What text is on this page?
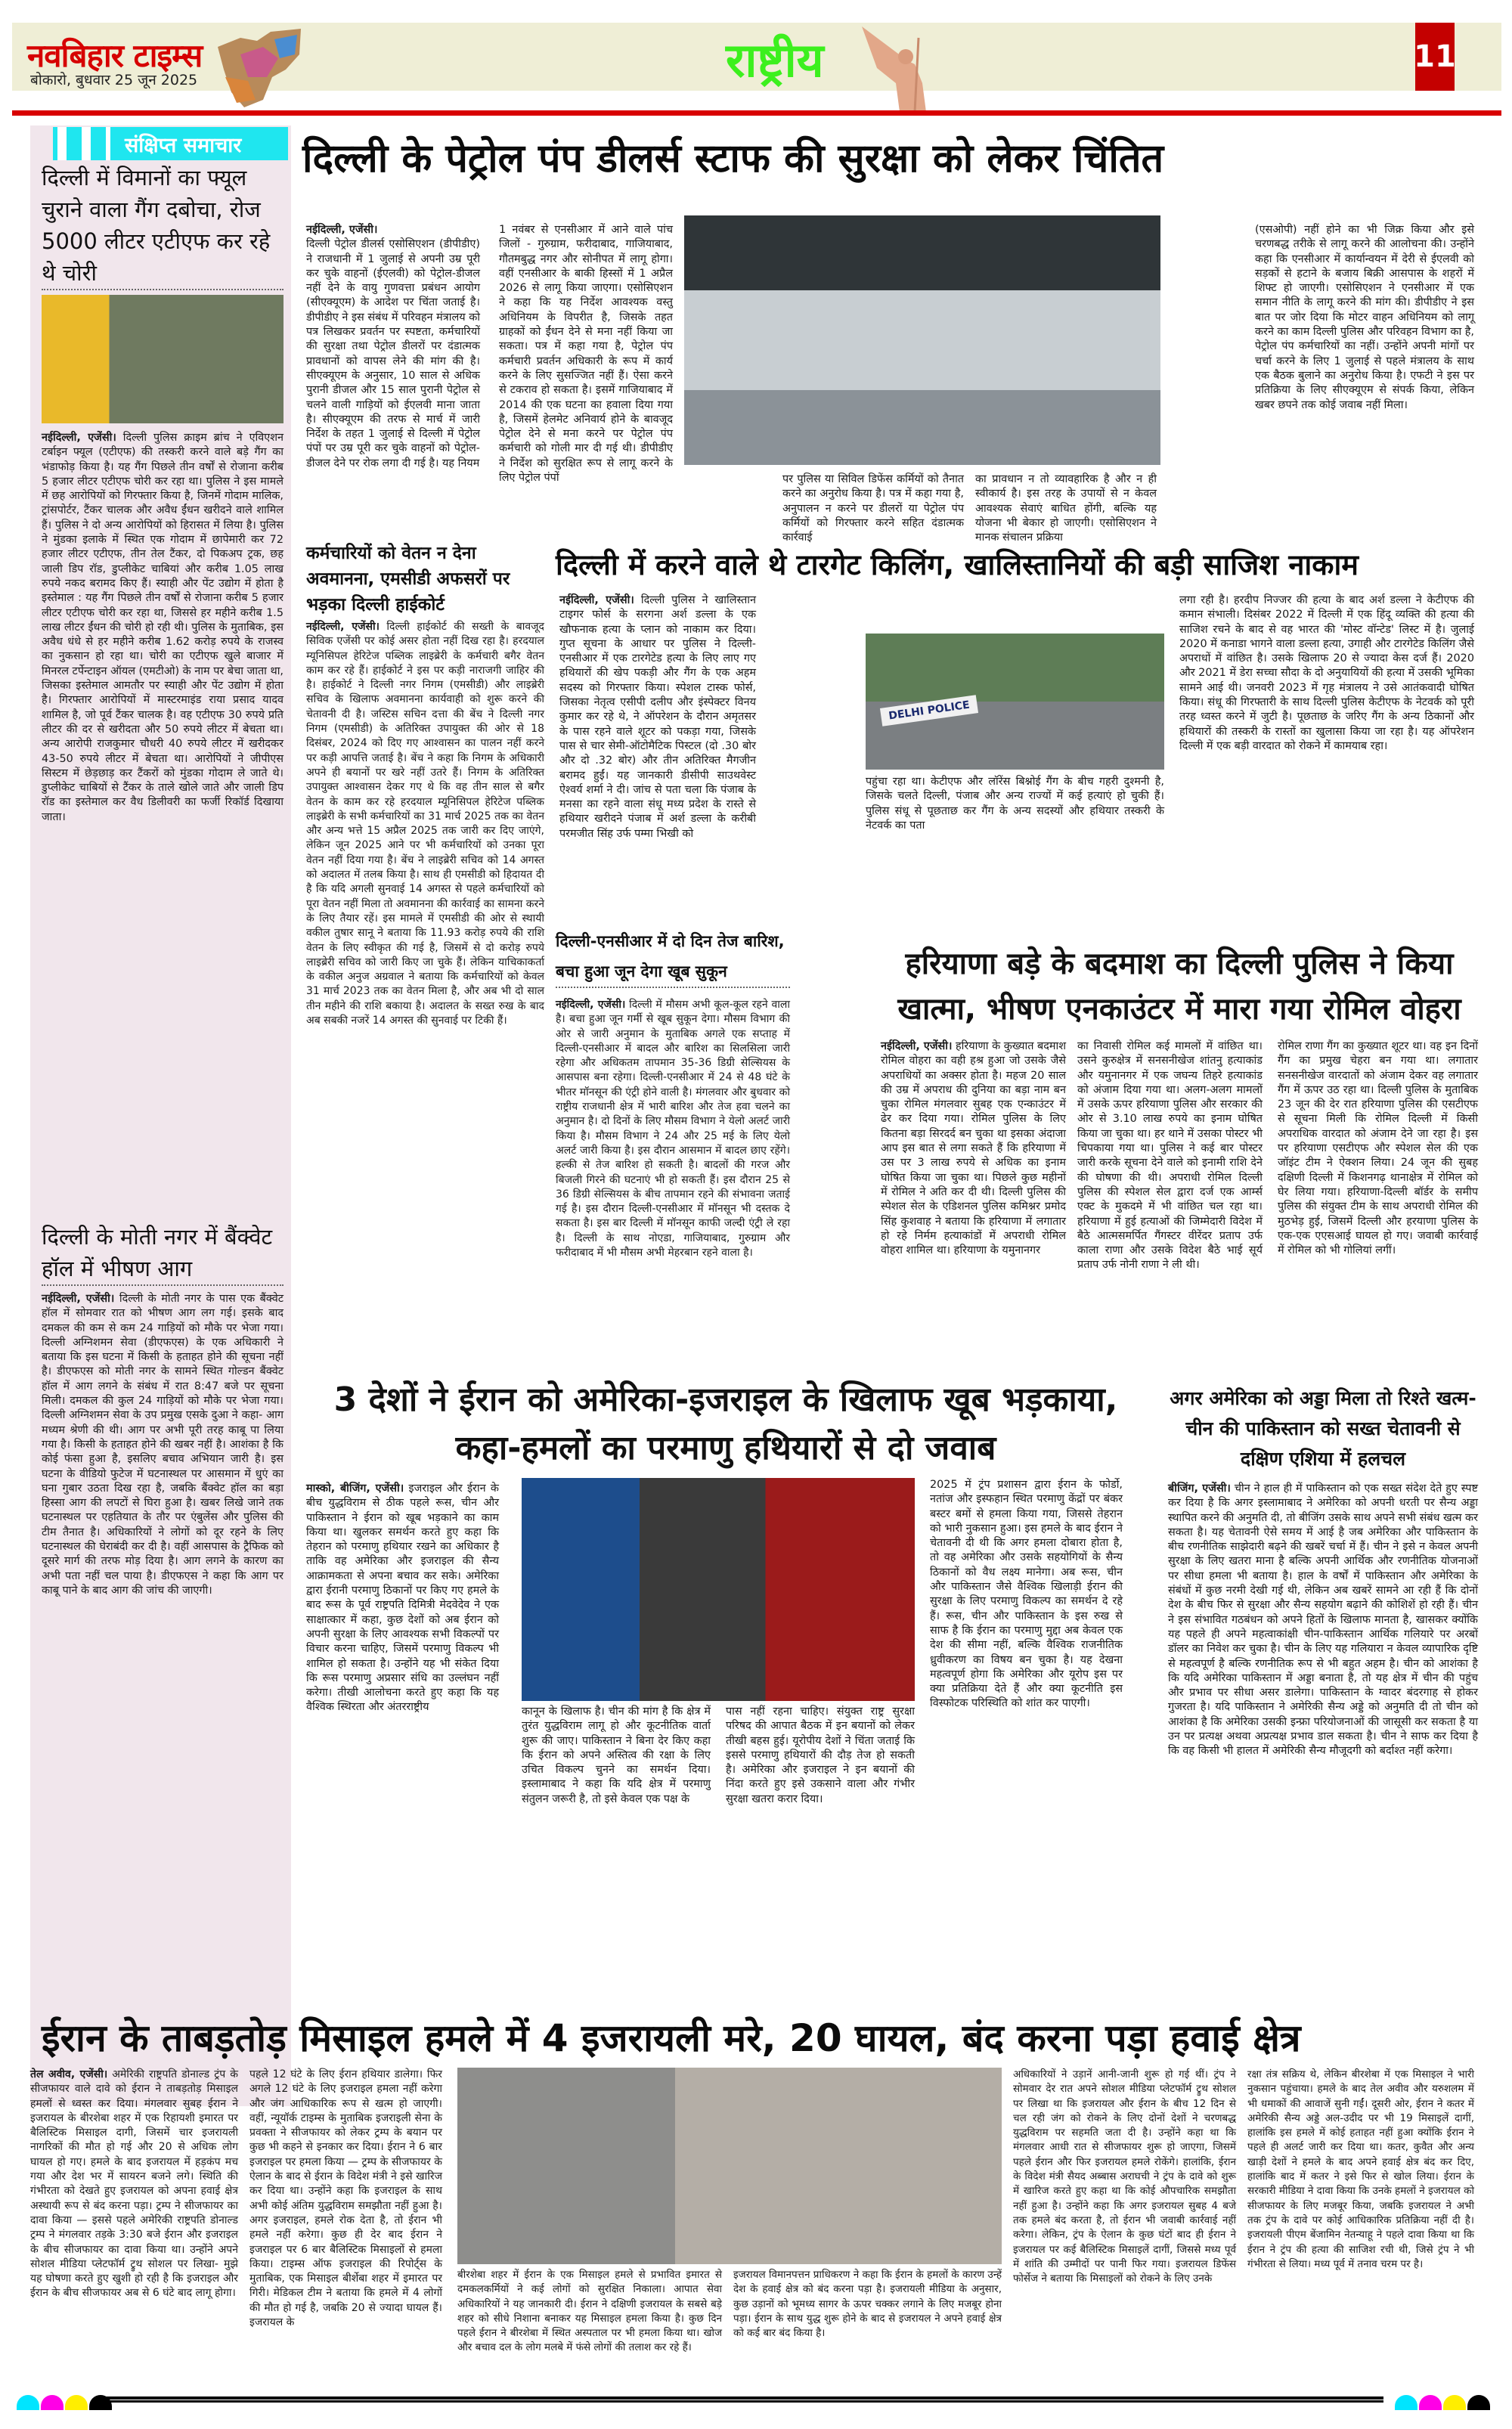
नवबिहार टाइम्स
बोकारो, बुधवार 25 जून 2025	राष्ट्रीय	11
संक्षिप्त समाचार
दिल्ली में विमानों का फ्यूल चुराने वाला गैंग दबोचा, रोज 5000 लीटर एटीएफ कर रहे थे चोरी
नईदिल्ली, एजेंसी। दिल्ली पुलिस क्राइम ब्रांच ने एविएशन टर्बाइन फ्यूल (एटीएफ) की तस्करी करने वाले बड़े गैंग का भंडाफोड़ किया है। यह गैंग पिछले तीन वर्षों से रोजाना करीब 5 हजार लीटर एटीएफ चोरी कर रहा था। पुलिस ने इस मामले में छह आरोपियों को गिरफ्तार किया है, जिनमें गोदाम मालिक, ट्रांसपोर्टर, टैंकर चालक और अवैध ईंधन खरीदने वाले शामिल हैं। पुलिस ने दो अन्य आरोपियों को हिरासत में लिया है। पुलिस ने मुंडका इलाके में स्थित एक गोदाम में छापेमारी कर 72 हजार लीटर एटीएफ, तीन तेल टैंकर, दो पिकअप ट्रक, छह जाली डिप रॉड, डुप्लीकेट चाबियां और करीब 1.05 लाख रुपये नकद बरामद किए हैं। स्याही और पेंट उद्योग में होता है इस्तेमाल : यह गैंग पिछले तीन वर्षों से रोजाना करीब 5 हजार लीटर एटीएफ चोरी कर रहा था, जिससे हर महीने करीब 1.5 लाख लीटर ईंधन की चोरी हो रही थी। पुलिस के मुताबिक, इस अवैध धंधे से हर महीने करीब 1.62 करोड़ रुपये के राजस्व का नुकसान हो रहा था। चोरी का एटीएफ खुले बाजार में मिनरल टर्पेन्टाइन ऑयल (एमटीओ) के नाम पर बेचा जाता था, जिसका इस्तेमाल आमतौर पर स्याही और पेंट उद्योग में होता है। गिरफ्तार आरोपियों में मास्टरमाइंड राया प्रसाद यादव शामिल है, जो पूर्व टैंकर चालक है। वह एटीएफ 30 रुपये प्रति लीटर की दर से खरीदता और 50 रुपये लीटर में बेचता था। अन्य आरोपी राजकुमार चौधरी 40 रुपये लीटर में खरीदकर 43-50 रुपये लीटर में बेचता था। आरोपियों ने जीपीएस सिस्टम में छेड़छाड़ कर टैंकरों को मुंडका गोदाम ले जाते थे। डुप्लीकेट चाबियों से टैंकर के ताले खोले जाते और जाली डिप रॉड का इस्तेमाल कर वैध डिलीवरी का फर्जी रिकॉर्ड दिखाया जाता।
दिल्ली के मोती नगर में बैंक्वेट हॉल में भीषण आग
नईदिल्ली, एजेंसी। दिल्ली के मोती नगर के पास एक बैंक्वेट हॉल में सोमवार रात को भीषण आग लग गई। इसके बाद दमकल की कम से कम 24 गाड़ियों को मौके पर भेजा गया। दिल्ली अग्निशमन सेवा (डीएफएस) के एक अधिकारी ने बताया कि इस घटना में किसी के हताहत होने की सूचना नहीं है। डीएफएस को मोती नगर के सामने स्थित गोल्डन बैंक्वेट हॉल में आग लगने के संबंध में रात 8:47 बजे पर सूचना मिली। दमकल की कुल 24 गाड़ियों को मौके पर भेजा गया। दिल्ली अग्निशमन सेवा के उप प्रमुख एसके दुआ ने कहा- आग मध्यम श्रेणी की थी। आग पर अभी पूरी तरह काबू पा लिया गया है। किसी के हताहत होने की खबर नहीं है। आशंका है कि कोई फंसा हुआ है, इसलिए बचाव अभियान जारी है। इस घटना के वीडियो फुटेज में घटनास्थल पर आसमान में धुएं का घना गुबार उठता दिख रहा है, जबकि बैंक्वेट हॉल का बड़ा हिस्सा आग की लपटों से घिरा हुआ है। खबर लिखे जाने तक घटनास्थल पर एहतियात के तौर पर एंबुलेंस और पुलिस की टीम तैनात है। अधिकारियों ने लोगों को दूर रहने के लिए घटनास्थल की घेराबंदी कर दी है। वहीं आसपास के ट्रैफिक को दूसरे मार्ग की तरफ मोड़ दिया है। आग लगने के कारण का अभी पता नहीं चल पाया है। डीएफएस ने कहा कि आग पर काबू पाने के बाद आग की जांच की जाएगी।
दिल्ली के पेट्रोल पंप डीलर्स स्टाफ की सुरक्षा को लेकर चिंतित
नईदिल्ली, एजेंसी।
दिल्ली पेट्रोल डीलर्स एसोसिएशन (डीपीडीए) ने राजधानी में 1 जुलाई से अपनी उम्र पूरी कर चुके वाहनों (ईएलवी) को पेट्रोल-डीजल नहीं देने के वायु गुणवत्ता प्रबंधन आयोग (सीएक्यूएम) के आदेश पर चिंता जताई है। डीपीडीए ने इस संबंध में परिवहन मंत्रालय को पत्र लिखकर प्रवर्तन पर स्पष्टता, कर्मचारियों की सुरक्षा तथा पेट्रोल डीलरों पर दंडात्मक प्रावधानों को वापस लेने की मांग की है। सीएक्यूएम के अनुसार, 10 साल से अधिक पुरानी डीजल और 15 साल पुरानी पेट्रोल से चलने वाली गाड़ियों को ईएलवी माना जाता है। सीएक्यूएम की तरफ से मार्च में जारी निर्देश के तहत 1 जुलाई से दिल्ली में पेट्रोल पंपों पर उम्र पूरी कर चुके वाहनों को पेट्रोल-डीजल देने पर रोक लगा दी गई है। यह नियम
1 नवंबर से एनसीआर में आने वाले पांच जिलों - गुरुग्राम, फरीदाबाद, गाजियाबाद, गौतमबुद्ध नगर और सोनीपत में लागू होगा। वहीं एनसीआर के बाकी हिस्सों में 1 अप्रैल 2026 से लागू किया जाएगा। एसोसिएशन ने कहा कि यह निर्देश आवश्यक वस्तु अधिनियम के विपरीत है, जिसके तहत ग्राहकों को ईंधन देने से मना नहीं किया जा सकता। पत्र में कहा गया है, पेट्रोल पंप कर्मचारी प्रवर्तन अधिकारी के रूप में कार्य करने के लिए सुसज्जित नहीं हैं। ऐसा करने से टकराव हो सकता है। इसमें गाजियाबाद में 2014 की एक घटना का हवाला दिया गया है, जिसमें हेलमेट अनिवार्य होने के बावजूद पेट्रोल देने से मना करने पर पेट्रोल पंप कर्मचारी को गोली मार दी गई थी। डीपीडीए ने निर्देश को सुरक्षित रूप से लागू करने के लिए पेट्रोल पंपों	पर पुलिस या सिविल डिफेंस कर्मियों को तैनात करने का अनुरोध किया है। पत्र में कहा गया है, अनुपालन न करने पर डीलरों या पेट्रोल पंप कर्मियों को गिरफ्तार करने सहित दंडात्मक कार्रवाई
का प्रावधान न तो व्यावहारिक है और न ही स्वीकार्य है। इस तरह के उपायों से न केवल आवश्यक सेवाएं बाधित होंगी, बल्कि यह योजना भी बेकार हो जाएगी। एसोसिएशन ने मानक संचालन प्रक्रिया
(एसओपी) नहीं होने का भी जिक्र किया और इसे चरणबद्ध तरीके से लागू करने की आलोचना की। उन्होंने कहा कि एनसीआर में कार्यान्वयन में देरी से ईएलवी को सड़कों से हटाने के बजाय बिक्री आसपास के शहरों में शिफ्ट हो जाएगी। एसोसिएशन ने एनसीआर में एक समान नीति के लागू करने की मांग की। डीपीडीए ने इस बात पर जोर दिया कि मोटर वाहन अधिनियम को लागू करने का काम दिल्ली पुलिस और परिवहन विभाग का है, पेट्रोल पंप कर्मचारियों का नहीं। उन्होंने अपनी मांगों पर चर्चा करने के लिए 1 जुलाई से पहले मंत्रालय के साथ एक बैठक बुलाने का अनुरोध किया है। एफटी ने इस पर प्रतिक्रिया के लिए सीएक्यूएम से संपर्क किया, लेकिन खबर छपने तक कोई जवाब नहीं मिला।
कर्मचारियों को वेतन न देना अवमानना, एमसीडी अफसरों पर भड़का दिल्ली हाईकोर्ट
नईदिल्ली, एजेंसी। दिल्ली हाईकोर्ट की सख्ती के बावजूद सिविक एजेंसी पर कोई असर होता नहीं दिख रहा है। हरदयाल म्यूनिसिपल हेरिटेज पब्लिक लाइब्रेरी के कर्मचारी बगैर वेतन काम कर रहे हैं। हाईकोर्ट ने इस पर कड़ी नाराजगी जाहिर की है। हाईकोर्ट ने दिल्ली नगर निगम (एमसीडी) और लाइब्रेरी सचिव के खिलाफ अवमानना कार्यवाही को शुरू करने की चेतावनी दी है। जस्टिस सचिन दत्ता की बेंच ने दिल्ली नगर निगम (एमसीडी) के अतिरिक्त उपायुक्त की ओर से 18 दिसंबर, 2024 को दिए गए आश्वासन का पालन नहीं करने पर कड़ी आपत्ति जताई है। बेंच ने कहा कि निगम के अधिकारी अपने ही बयानों पर खरे नहीं उतरे हैं। निगम के अतिरिक्त उपायुक्त आश्वासन देकर गए थे कि वह तीन साल से बगैर वेतन के काम कर रहे हरदयाल म्यूनिसिपल हेरिटेज पब्लिक लाइब्रेरी के सभी कर्मचारियों का 31 मार्च 2025 तक का वेतन और अन्य भत्ते 15 अप्रैल 2025 तक जारी कर दिए जाएंगे, लेकिन जून 2025 आने पर भी कर्मचारियों को उनका पूरा वेतन नहीं दिया गया है। बेंच ने लाइब्रेरी सचिव को 14 अगस्त को अदालत में तलब किया है। साथ ही एमसीडी को हिदायत दी है कि यदि अगली सुनवाई 14 अगस्त से पहले कर्मचारियों को पूरा वेतन नहीं मिला तो अवमानना की कार्रवाई का सामना करने के लिए तैयार रहें। इस मामले में एमसीडी की ओर से स्थायी वकील तुषार सानू ने बताया कि 11.93 करोड़ रुपये की राशि वेतन के लिए स्वीकृत की गई है, जिसमें से दो करोड़ रुपये लाइब्रेरी सचिव को जारी किए जा चुके हैं। लेकिन याचिकाकर्ता के वकील अनुज अग्रवाल ने बताया कि कर्मचारियों को केवल 31 मार्च 2023 तक का वेतन मिला है, और अब भी दो साल तीन महीने की राशि बकाया है। अदालत के सख्त रुख के बाद अब सबकी नजरें 14 अगस्त की सुनवाई पर टिकी हैं।
दिल्ली में करने वाले थे टारगेट किलिंग, खालिस्तानियों की बड़ी साजिश नाकाम
नईदिल्ली, एजेंसी। दिल्ली पुलिस ने खालिस्तान टाइगर फोर्स के सरगना अर्श डल्ला के एक खौफनाक हत्या के प्लान को नाकाम कर दिया। गुप्त सूचना के आधार पर पुलिस ने दिल्ली-एनसीआर में एक टारगेटेड हत्या के लिए लाए गए हथियारों की खेप पकड़ी और गैंग के एक अहम सदस्य को गिरफ्तार किया। स्पेशल टास्क फोर्स, जिसका नेतृत्व एसीपी दलीप और इंस्पेक्टर विनय कुमार कर रहे थे, ने ऑपरेशन के दौरान अमृतसर के पास रहने वाले शूटर को पकड़ा गया, जिसके पास से चार सेमी-ऑटोमैटिक पिस्टल (दो .30 बोर और दो .32 बोर) और तीन अतिरिक्त मैगजीन बरामद हुईं। यह जानकारी डीसीपी साउथवेस्ट ऐश्वर्य शर्मा ने दी। जांच से पता चला कि पंजाब के मनसा का रहने वाला संधू मध्य प्रदेश के रास्ते से हथियार खरीदने पंजाब में अर्श डल्ला के करीबी परमजीत सिंह उर्फ पम्मा भिखी को
DELHI POLICE
पहुंचा रहा था। केटीएफ और लॉरेंस बिश्नोई गैंग के बीच गहरी दुश्मनी है, जिसके चलते दिल्ली, पंजाब और अन्य राज्यों में कई हत्याएं हो चुकी हैं। पुलिस संधू से पूछताछ कर गैंग के अन्य सदस्यों और हथियार तस्करी के नेटवर्क का पता
लगा रही है। हरदीप निज्जर की हत्या के बाद अर्श डल्ला ने केटीएफ की कमान संभाली। दिसंबर 2022 में दिल्ली में एक हिंदू व्यक्ति की हत्या की साजिश रचने के बाद से वह भारत की 'मोस्ट वॉन्टेड' लिस्ट में है। जुलाई 2020 में कनाडा भागने वाला डल्ला हत्या, उगाही और टारगेटेड किलिंग जैसे अपराधों में वांछित है। उसके खिलाफ 20 से ज्यादा केस दर्ज हैं। 2020 और 2021 में डेरा सच्चा सौदा के दो अनुयायियों की हत्या में उसकी भूमिका सामने आई थी। जनवरी 2023 में गृह मंत्रालय ने उसे आतंकवादी घोषित किया। संधू की गिरफ्तारी के साथ दिल्ली पुलिस केटीएफ के नेटवर्क को पूरी तरह ध्वस्त करने में जुटी है। पूछताछ के जरिए गैंग के अन्य ठिकानों और हथियारों की तस्करी के रास्तों का खुलासा किया जा रहा है। यह ऑपरेशन दिल्ली में एक बड़ी वारदात को रोकने में कामयाब रहा।
दिल्ली-एनसीआर में दो दिन तेज बारिश, बचा हुआ जून देगा खूब सुकून
नईदिल्ली, एजेंसी। दिल्ली में मौसम अभी कूल-कूल रहने वाला है। बचा हुआ जून गर्मी से खूब सुकून देगा। मौसम विभाग की ओर से जारी अनुमान के मुताबिक अगले एक सप्ताह में दिल्ली-एनसीआर में बादल और बारिश का सिलसिला जारी रहेगा और अधिकतम तापमान 35-36 डिग्री सेल्सियस के आसपास बना रहेगा। दिल्ली-एनसीआर में 24 से 48 घंटे के भीतर मॉनसून की एंट्री होने वाली है। मंगलवार और बुधवार को राष्ट्रीय राजधानी क्षेत्र में भारी बारिश और तेज हवा चलने का अनुमान है। दो दिनों के लिए मौसम विभाग ने येलो अलर्ट जारी किया है। मौसम विभाग ने 24 और 25 मई के लिए येलो अलर्ट जारी किया है। इस दौरान आसमान में बादल छाए रहेंगे। हल्की से तेज बारिश हो सकती है। बादलों की गरज और बिजली गिरने की घटनाएं भी हो सकती हैं। इस दौरान 25 से 36 डिग्री सेल्सियस के बीच तापमान रहने की संभावना जताई गई है। इस दौरान दिल्ली-एनसीआर में मॉनसून भी दस्तक दे सकता है। इस बार दिल्ली में मॉनसून काफी जल्दी एंट्री ले रहा है। दिल्ली के साथ नोएडा, गाजियाबाद, गुरुग्राम और फरीदाबाद में भी मौसम अभी मेहरबान रहने वाला है।
हरियाणा बड़े के बदमाश का दिल्ली पुलिस ने किया खात्मा, भीषण एनकाउंटर में मारा गया रोमिल वोहरा
नईदिल्ली, एजेंसी। हरियाणा के कुख्यात बदमाश रोमिल वोहरा का वही हश्र हुआ जो उसके जैसे अपराधियों का अक्सर होता है। महज 20 साल की उम्र में अपराध की दुनिया का बड़ा नाम बन चुका रोमिल मंगलवार सुबह एक एन्काउंटर में ढेर कर दिया गया। रोमिल पुलिस के लिए कितना बड़ा सिरदर्द बन चुका था इसका अंदाजा आप इस बात से लगा सकते हैं कि हरियाणा में उस पर 3 लाख रुपये से अधिक का इनाम घोषित किया जा चुका था। पिछले कुछ महीनों में रोमिल ने अति कर दी थी। दिल्ली पुलिस की स्पेशल सेल के एडिशनल पुलिस कमिश्नर प्रमोद सिंह कुशवाह ने बताया कि हरियाणा में लगातार हो रहे निर्मम हत्याकांडों में अपराधी रोमिल वोहरा शामिल था। हरियाणा के यमुनानगर
का निवासी रोमिल कई मामलों में वांछित था। उसने कुरुक्षेत्र में सनसनीखेज शांतनु हत्याकांड और यमुनानगर में एक जघन्य तिहरे हत्याकांड को अंजाम दिया गया था। अलग-अलग मामलों में उसके ऊपर हरियाणा पुलिस और सरकार की ओर से 3.10 लाख रुपये का इनाम घोषित किया जा चुका था। हर थाने में उसका पोस्टर भी चिपकाया गया था। पुलिस ने कई बार पोस्टर जारी करके सूचना देने वाले को इनामी राशि देने की घोषणा की थी। अपराधी रोमिल दिल्ली पुलिस की स्पेशल सेल द्वारा दर्ज एक आर्म्स एक्ट के मुकदमे में भी वांछित चल रहा था। हरियाणा में हुई हत्याओं की जिम्मेदारी विदेश में बैठे आत्मसमर्पित गैंगस्टर वीरेंदर प्रताप उर्फ काला राणा और उसके विदेश बैठे भाई सूर्य प्रताप उर्फ नोनी राणा ने ली थी।
रोमिल राणा गैंग का कुख्यात शूटर था। वह इन दिनों गैंग का प्रमुख चेहरा बन गया था। लगातार सनसनीखेज वारदातों को अंजाम देकर वह लगातार गैंग में ऊपर उठ रहा था। दिल्ली पुलिस के मुताबिक 23 जून की देर रात हरियाणा पुलिस की एसटीएफ से सूचना मिली कि रोमिल दिल्ली में किसी अपराधिक वारदात को अंजाम देने जा रहा है। इस पर हरियाणा एसटीएफ और स्पेशल सेल की एक जॉइंट टीम ने ऐक्शन लिया। 24 जून की सुबह दक्षिणी दिल्ली में किशनगढ़ थानाक्षेत्र में रोमिल को घेर लिया गया। हरियाणा-दिल्ली बॉर्डर के समीप पुलिस की संयुक्त टीम के साथ अपराधी रोमिल की मुठभेड़ हुई, जिसमें दिल्ली और हरयाणा पुलिस के एक-एक एएसआई घायल हो गए। जवाबी कार्रवाई में रोमिल को भी गोलियां लगीं।
3 देशों ने ईरान को अमेरिका-इजराइल के खिलाफ खूब भड़काया, कहा-हमलों का परमाणु हथियारों से दो जवाब
मास्को, बीजिंग, एजेंसी। इजराइल और ईरान के बीच युद्धविराम से ठीक पहले रूस, चीन और पाकिस्तान ने ईरान को खूब भड़काने का काम किया था। खुलकर समर्थन करते हुए कहा कि तेहरान को परमाणु हथियार रखने का अधिकार है ताकि वह अमेरिका और इजराइल की सैन्य आक्रामकता से अपना बचाव कर सके। अमेरिका द्वारा ईरानी परमाणु ठिकानों पर किए गए हमले के बाद रूस के पूर्व राष्ट्रपति दिमित्री मेदवेदेव ने एक साक्षात्कार में कहा, कुछ देशों को अब ईरान को अपनी सुरक्षा के लिए आवश्यक सभी विकल्पों पर विचार करना चाहिए, जिसमें परमाणु विकल्प भी शामिल हो सकता है। उन्होंने यह भी संकेत दिया कि रूस परमाणु अप्रसार संधि का उल्लंघन नहीं करेगा। तीखी आलोचना करते हुए कहा कि यह वैश्विक स्थिरता और अंतरराष्ट्रीय	कानून के खिलाफ है। चीन की मांग है कि क्षेत्र में तुरंत युद्धविराम लागू हो और कूटनीतिक वार्ता शुरू की जाए। पाकिस्तान ने बिना देर किए कहा कि ईरान को अपने अस्तित्व की रक्षा के लिए उचित विकल्प चुनने का समर्थन दिया। इस्लामाबाद ने कहा कि यदि क्षेत्र में परमाणु संतुलन जरूरी है, तो इसे केवल एक पक्ष के
पास नहीं रहना चाहिए। संयुक्त राष्ट्र सुरक्षा परिषद की आपात बैठक में इन बयानों को लेकर तीखी बहस हुई। यूरोपीय देशों ने चिंता जताई कि इससे परमाणु हथियारों की दौड़ तेज हो सकती है। अमेरिका और इजराइल ने इन बयानों की निंदा करते हुए इसे उकसाने वाला और गंभीर सुरक्षा खतरा करार दिया।
2025 में ट्रंप प्रशासन द्वारा ईरान के फोर्डो, नतांज और इस्फहान स्थित परमाणु केंद्रों पर बंकर बस्टर बमों से हमला किया गया, जिससे तेहरान को भारी नुकसान हुआ। इस हमले के बाद ईरान ने चेतावनी दी थी कि अगर हमला दोबारा होता है, तो वह अमेरिका और उसके सहयोगियों के सैन्य ठिकानों को वैध लक्ष्य मानेगा। अब रूस, चीन और पाकिस्तान जैसे वैश्विक खिलाड़ी ईरान की सुरक्षा के लिए परमाणु विकल्प का समर्थन दे रहे हैं। रूस, चीन और पाकिस्तान के इस रुख से साफ है कि ईरान का परमाणु मुद्दा अब केवल एक देश की सीमा नहीं, बल्कि वैश्विक राजनीतिक ध्रुवीकरण का विषय बन चुका है। यह देखना महत्वपूर्ण होगा कि अमेरिका और यूरोप इस पर क्या प्रतिक्रिया देते हैं और क्या कूटनीति इस विस्फोटक परिस्थिति को शांत कर पाएगी।
अगर अमेरिका को अड्डा मिला तो रिश्ते खत्म- चीन की पाकिस्तान को सख्त चेतावनी से दक्षिण एशिया में हलचल
बीजिंग, एजेंसी। चीन ने हाल ही में पाकिस्तान को एक सख्त संदेश देते हुए स्पष्ट कर दिया है कि अगर इस्लामाबाद ने अमेरिका को अपनी धरती पर सैन्य अड्डा स्थापित करने की अनुमति दी, तो बीजिंग उसके साथ अपने सभी संबंध खत्म कर सकता है। यह चेतावनी ऐसे समय में आई है जब अमेरिका और पाकिस्तान के बीच रणनीतिक साझेदारी बढ़ने की खबरें चर्चा में हैं। चीन ने इसे न केवल अपनी सुरक्षा के लिए खतरा माना है बल्कि अपनी आर्थिक और रणनीतिक योजनाओं पर सीधा हमला भी बताया है। हाल के वर्षों में पाकिस्तान और अमेरिका के संबंधों में कुछ नरमी देखी गई थी, लेकिन अब खबरें सामने आ रही हैं कि दोनों देश के बीच फिर से सुरक्षा और सैन्य सहयोग बढ़ाने की कोशिशें हो रही हैं। चीन ने इस संभावित गठबंधन को अपने हितों के खिलाफ मानता है, खासकर क्योंकि यह पहले ही अपने महत्वाकांक्षी चीन-पाकिस्तान आर्थिक गलियारे पर अरबों डॉलर का निवेश कर चुका है। चीन के लिए यह गलियारा न केवल व्यापारिक दृष्टि से महत्वपूर्ण है बल्कि रणनीतिक रूप से भी बहुत अहम है। चीन को आशंका है कि यदि अमेरिका पाकिस्तान में अड्डा बनाता है, तो यह क्षेत्र में चीन की पहुंच और प्रभाव पर सीधा असर डालेगा। पाकिस्तान के ग्वादर बंदरगाह से होकर गुजरता है। यदि पाकिस्तान ने अमेरिकी सैन्य अड्डे को अनुमति दी तो चीन को आशंका है कि अमेरिका उसकी इन्फ्रा परियोजनाओं की जासूसी कर सकता है या उन पर प्रत्यक्ष अथवा अप्रत्यक्ष प्रभाव डाल सकता है। चीन ने साफ कर दिया है कि वह किसी भी हालत में अमेरिकी सैन्य मौजूदगी को बर्दाश्त नहीं करेगा।
ईरान के ताबड़तोड़ मिसाइल हमले में 4 इजरायली मरे, 20 घायल, बंद करना पड़ा हवाई क्षेत्र
तेल अवीव, एजेंसी। अमेरिकी राष्ट्रपति डोनाल्ड ट्रंप के सीजफायर वाले दावे को ईरान ने ताबड़तोड़ मिसाइल हमलों से ध्वस्त कर दिया। मंगलवार सुबह ईरान ने इजरायल के बीरशेबा शहर में एक रिहायशी इमारत पर बैलिस्टिक मिसाइल दागी, जिसमें चार इजरायली नागरिकों की मौत हो गई और 20 से अधिक लोग घायल हो गए। हमले के बाद इजरायल में हड़कंप मच गया और देश भर में सायरन बजने लगे। स्थिति की गंभीरता को देखते हुए इजरायल को अपना हवाई क्षेत्र अस्थायी रूप से बंद करना पड़ा। ट्रम्प ने सीजफायर का दावा किया — इससे पहले अमेरिकी राष्ट्रपति डोनाल्ड ट्रम्प ने मंगलवार तड़के 3:30 बजे ईरान और इजराइल के बीच सीजफायर का दावा किया था। उन्होंने अपने सोशल मीडिया प्लेटफॉर्म ट्रुथ सोशल पर लिखा- मुझे यह घोषणा करते हुए खुशी हो रही है कि इजराइल और ईरान के बीच सीजफायर अब से 6 घंटे बाद लागू होगा।
पहले 12 घंटे के लिए ईरान हथियार डालेगा। फिर अगले 12 घंटे के लिए इजराइल हमला नहीं करेगा और जंग आधिकारिक रूप से खत्म हो जाएगी। वहीं, न्यूयॉर्क टाइम्स के मुताबिक इजराइली सेना के प्रवक्ता ने सीजफायर को लेकर ट्रम्प के बयान पर कुछ भी कहने से इनकार कर दिया। ईरान ने 6 बार इजराइल पर हमला किया — ट्रम्प के सीजफायर के ऐलान के बाद से ईरान के विदेश मंत्री ने इसे खारिज कर दिया था। उन्होंने कहा कि इजराइल के साथ अभी कोई अंतिम युद्धविराम समझौता नहीं हुआ है। अगर इजराइल, हमले रोक देता है, तो ईरान भी हमले नहीं करेगा। कुछ ही देर बाद ईरान ने इजराइल पर 6 बार बैलिस्टिक मिसाइलों से हमला किया। टाइम्स ऑफ इजराइल की रिपोर्ट्स के मुताबिक, एक मिसाइल बीर्शेबा शहर में इमारत पर गिरी। मेडिकल टीम ने बताया कि हमले में 4 लोगों की मौत हो गई है, जबकि 20 से ज्यादा घायल हैं। इजरायल के
बीरशेबा शहर में ईरान के एक मिसाइल हमले से प्रभावित इमारत से दमकलकर्मियों ने कई लोगों को सुरक्षित निकाला। आपात सेवा अधिकारियों ने यह जानकारी दी। ईरान ने दक्षिणी इजरायल के सबसे बड़े शहर को सीधे निशाना बनाकर यह मिसाइल हमला किया है। कुछ दिन पहले ईरान ने बीरशेबा में स्थित अस्पताल पर भी हमला किया था। खोज और बचाव दल के लोग मलबे में फंसे लोगों की तलाश कर रहे हैं।
इजरायल विमानपत्तन प्राधिकरण ने कहा कि ईरान के हमलों के कारण उन्हें देश के हवाई क्षेत्र को बंद करना पड़ा है। इजरायली मीडिया के अनुसार, कुछ उड़ानों को भूमध्य सागर के ऊपर चक्कर लगाने के लिए मजबूर होना पड़ा। ईरान के साथ युद्ध शुरू होने के बाद से इजरायल ने अपने हवाई क्षेत्र को कई बार बंद किया है।
अधिकारियों ने उड़ानें आनी-जानी शुरू हो गई थीं। ट्रंप ने सोमवार देर रात अपने सोशल मीडिया प्लेटफॉर्म ट्रुथ सोशल पर लिखा था कि इजरायल और ईरान के बीच 12 दिन से चल रही जंग को रोकने के लिए दोनों देशों ने चरणबद्ध युद्धविराम पर सहमति जता दी है। उन्होंने कहा था कि मंगलवार आधी रात से सीजफायर शुरू हो जाएगा, जिसमें पहले ईरान और फिर इजरायल हमले रोकेंगे। हालांकि, ईरान के विदेश मंत्री सैयद अब्बास अराघची ने ट्रंप के दावे को शुरू में खारिज करते हुए कहा था कि कोई औपचारिक समझौता नहीं हुआ है। उन्होंने कहा कि अगर इजरायल सुबह 4 बजे तक हमले बंद करता है, तो ईरान भी जवाबी कार्रवाई नहीं करेगा। लेकिन, ट्रंप के ऐलान के कुछ घंटों बाद ही ईरान ने इजरायल पर कई बैलिस्टिक मिसाइलें दागीं, जिससे मध्य पूर्व में शांति की उम्मीदों पर पानी फिर गया। इजरायल डिफेंस फोर्सेज ने बताया कि मिसाइलों को रोकने के लिए उनके
रक्षा तंत्र सक्रिय थे, लेकिन बीरशेबा में एक मिसाइल ने भारी नुकसान पहुंचाया। हमले के बाद तेल अवीव और यरुशलम में भी धमाकों की आवाजें सुनी गईं। दूसरी ओर, ईरान ने कतर में अमेरिकी सैन्य अड्डे अल-उदीद पर भी 19 मिसाइलें दागीं, हालांकि इस हमले में कोई हताहत नहीं हुआ क्योंकि ईरान ने पहले ही अलर्ट जारी कर दिया था। कतर, कुवैत और अन्य खाड़ी देशों ने हमले के बाद अपने हवाई क्षेत्र बंद कर दिए, हालांकि बाद में कतर ने इसे फिर से खोल लिया। ईरान के सरकारी मीडिया ने दावा किया कि उनके हमलों ने इजरायल को सीजफायर के लिए मजबूर किया, जबकि इजरायल ने अभी तक ट्रंप के दावे पर कोई आधिकारिक प्रतिक्रिया नहीं दी है। इजरायली पीएम बेंजामिन नेतन्याहू ने पहले दावा किया था कि ईरान ने ट्रंप की हत्या की साजिश रची थी, जिसे ट्रंप ने भी गंभीरता से लिया। मध्य पूर्व में तनाव चरम पर है।
